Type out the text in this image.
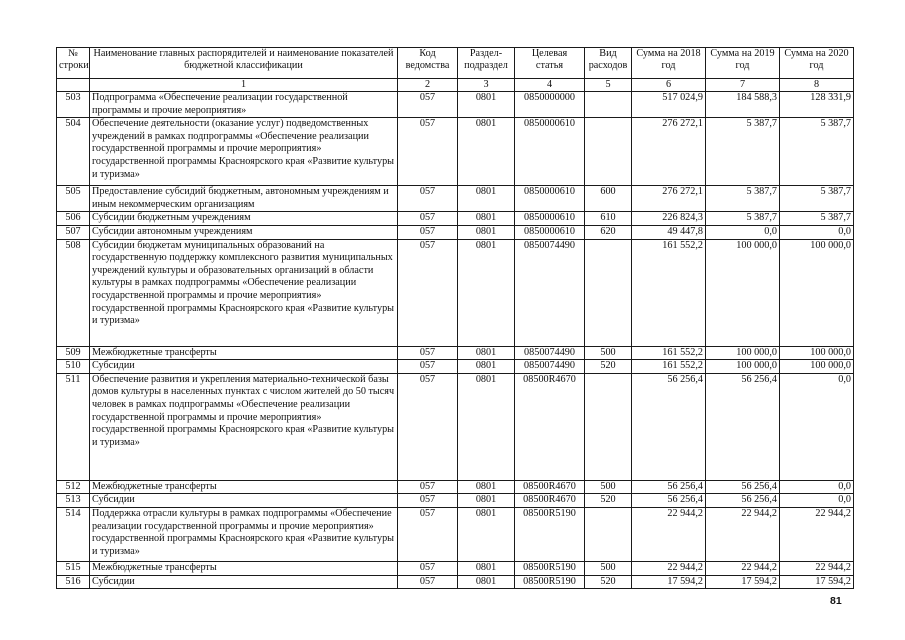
№ строки	Наименование главных распорядителей и наименование показателей бюджетной классификации	Код ведомства	Раздел-подраздел	Целевая статья	Вид расходов	Сумма на 2018 год	Сумма на 2019 год	Сумма на 2020 год
	1	2	3	4	5	6	7	8
503	Подпрограмма «Обеспечение реализации государственной программы и прочие мероприятия»	057	0801	0850000000		517 024,9	184 588,3	128 331,9
504	Обеспечение деятельности (оказание услуг) подведомственных учреждений в рамках подпрограммы «Обеспечение реализации государственной программы и прочие мероприятия» государственной программы Красноярского края «Развитие культуры и туризма»	057	0801	0850000610		276 272,1	5 387,7	5 387,7
505	Предоставление субсидий бюджетным, автономным учреждениям и иным некоммерческим организациям	057	0801	0850000610	600	276 272,1	5 387,7	5 387,7
506	Субсидии бюджетным учреждениям	057	0801	0850000610	610	226 824,3	5 387,7	5 387,7
507	Субсидии автономным учреждениям	057	0801	0850000610	620	49 447,8	0,0	0,0
508	Субсидии бюджетам муниципальных образований на государственную поддержку комплексного развития муниципальных учреждений культуры и образовательных организаций в области культуры в рамках подпрограммы «Обеспечение реализации государственной программы и прочие мероприятия» государственной программы Красноярского края «Развитие культуры и туризма»	057	0801	0850074490		161 552,2	100 000,0	100 000,0
509	Межбюджетные трансферты	057	0801	0850074490	500	161 552,2	100 000,0	100 000,0
510	Субсидии	057	0801	0850074490	520	161 552,2	100 000,0	100 000,0
511	Обеспечение развития и укрепления материально-технической базы домов культуры в населенных пунктах с числом жителей до 50 тысяч человек в рамках подпрограммы «Обеспечение реализации государственной программы и прочие мероприятия» государственной программы Красноярского края «Развитие культуры и туризма»	057	0801	08500R4670		56 256,4	56 256,4	0,0
512	Межбюджетные трансферты	057	0801	08500R4670	500	56 256,4	56 256,4	0,0
513	Субсидии	057	0801	08500R4670	520	56 256,4	56 256,4	0,0
514	Поддержка отрасли культуры в рамках подпрограммы «Обеспечение реализации государственной программы и прочие мероприятия» государственной программы Красноярского края «Развитие культуры и туризма»	057	0801	08500R5190		22 944,2	22 944,2	22 944,2
515	Межбюджетные трансферты	057	0801	08500R5190	500	22 944,2	22 944,2	22 944,2
516	Субсидии	057	0801	08500R5190	520	17 594,2	17 594,2	17 594,2
81
